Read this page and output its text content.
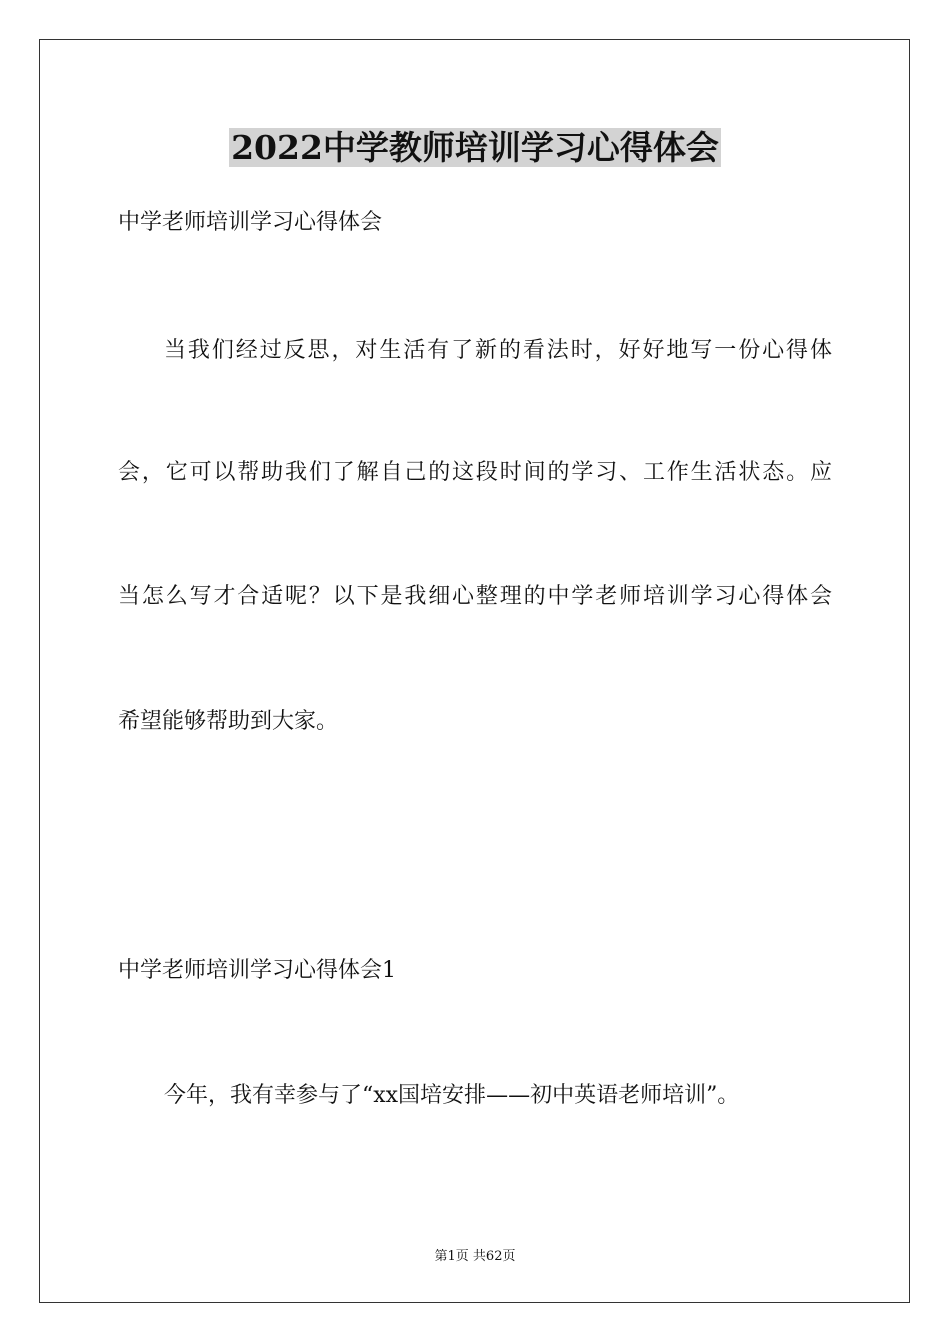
2022中学教师培训学习心得体会
中学老师培训学习心得体会
当我们经过反思，对生活有了新的看法时，好好地写一份心得体
会，它可以帮助我们了解自己的这段时间的学习、工作生活状态。应
当怎么写才合适呢？以下是我细心整理的中学老师培训学习心得体会
希望能够帮助到大家。
中学老师培训学习心得体会1
今年，我有幸参与了“xx国培安排——初中英语老师培训”。
第1页 共62页
